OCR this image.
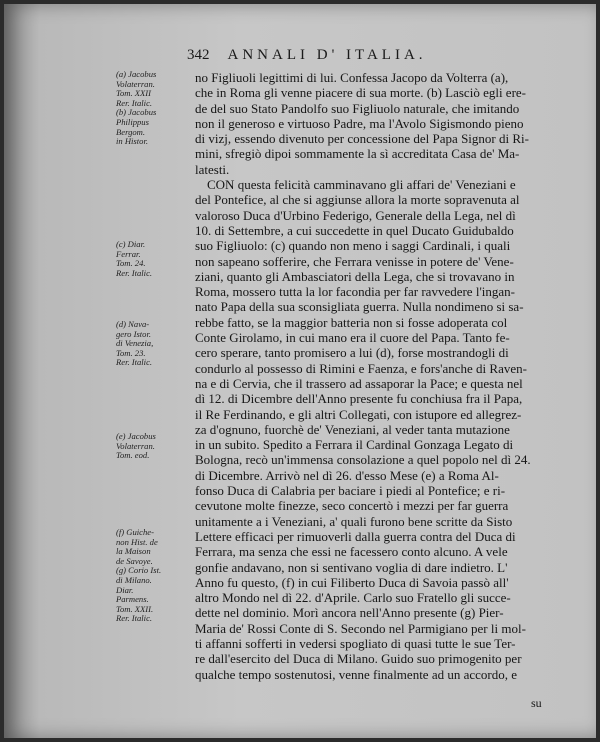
342 ANNALI D' ITALIA.
(a) Jacobus
Volaterran.
Tom. XXII
Rer. Italic.
(b) Jacobus
Philippus
Bergom.
in Histor.
(c) Diar.
Ferrar.
Tom. 24.
Rer. Italic.
(d) Nava-
gero Istor.
di Venezia,
Tom. 23.
Rer. Italic.
(e) Jacobus
Volaterran.
Tom. eod.
(f) Guiche-
non Hist. de
la Maison
de Savoye.
(g) Corio Ist.
di Milano.
Diar.
Parmens.
Tom. XXII.
Rer. Italic.
no Figliuoli legittimi di lui. Confessa Jacopo da Volterra (a),
che in Roma gli venne piacere di sua morte. (b) Lasciò egli ere-
de del suo Stato Pandolfo suo Figliuolo naturale, che imitando
non il generoso e virtuoso Padre, ma l'Avolo Sigismondo pieno
di vizj, essendo divenuto per concessione del Papa Signor di Ri-
mini, sfregiò dipoi sommamente la sì accreditata Casa de' Ma-
latesti.
CON questa felicità camminavano gli affari de' Veneziani e
del Pontefice, al che si aggiunse allora la morte sopravenuta al
valoroso Duca d'Urbino Federigo, Generale della Lega, nel dì
10. di Settembre, a cui succedette in quel Ducato Guidubaldo
suo Figliuolo: (c) quando non meno i saggi Cardinali, i quali
non sapeano sofferire, che Ferrara venisse in potere de' Vene-
ziani, quanto gli Ambasciatori della Lega, che si trovavano in
Roma, mossero tutta la lor facondia per far ravvedere l'ingan-
nato Papa della sua sconsigliata guerra. Nulla nondimeno si sa-
rebbe fatto, se la maggior batteria non si fosse adoperata col
Conte Girolamo, in cui mano era il cuore del Papa. Tanto fe-
cero sperare, tanto promisero a lui (d), forse mostrandogli di
condurlo al possesso di Rimini e Faenza, e fors'anche di Raven-
na e di Cervia, che il trassero ad assaporar la Pace; e questa nel
dì 12. di Dicembre dell'Anno presente fu conchiusa fra il Papa,
il Re Ferdinando, e gli altri Collegati, con istupore ed allegrez-
za d'ognuno, fuorchè de' Veneziani, al veder tanta mutazione
in un subito. Spedito a Ferrara il Cardinal Gonzaga Legato di
Bologna, recò un'immensa consolazione a quel popolo nel dì 24.
di Dicembre. Arrivò nel dì 26. d'esso Mese (e) a Roma Al-
fonso Duca di Calabria per baciare i piedi al Pontefice; e ri-
cevutone molte finezze, seco concertò i mezzi per far guerra
unitamente a i Veneziani, a' quali furono bene scritte da Sisto
Lettere efficaci per rimuoverli dalla guerra contra del Duca di
Ferrara, ma senza che essi ne facessero conto alcuno. A vele
gonfie andavano, non si sentivano voglia di dare indietro. L'
Anno fu questo, (f) in cui Filiberto Duca di Savoia passò all'
altro Mondo nel dì 22. d'Aprile. Carlo suo Fratello gli succe-
dette nel dominio. Morì ancora nell'Anno presente (g) Pier-
Maria de' Rossi Conte di S. Secondo nel Parmigiano per li mol-
ti affanni sofferti in vedersi spogliato di quasi tutte le sue Ter-
re dall'esercito del Duca di Milano. Guido suo primogenito per
qualche tempo sostenutosi, venne finalmente ad un accordo, e
su
